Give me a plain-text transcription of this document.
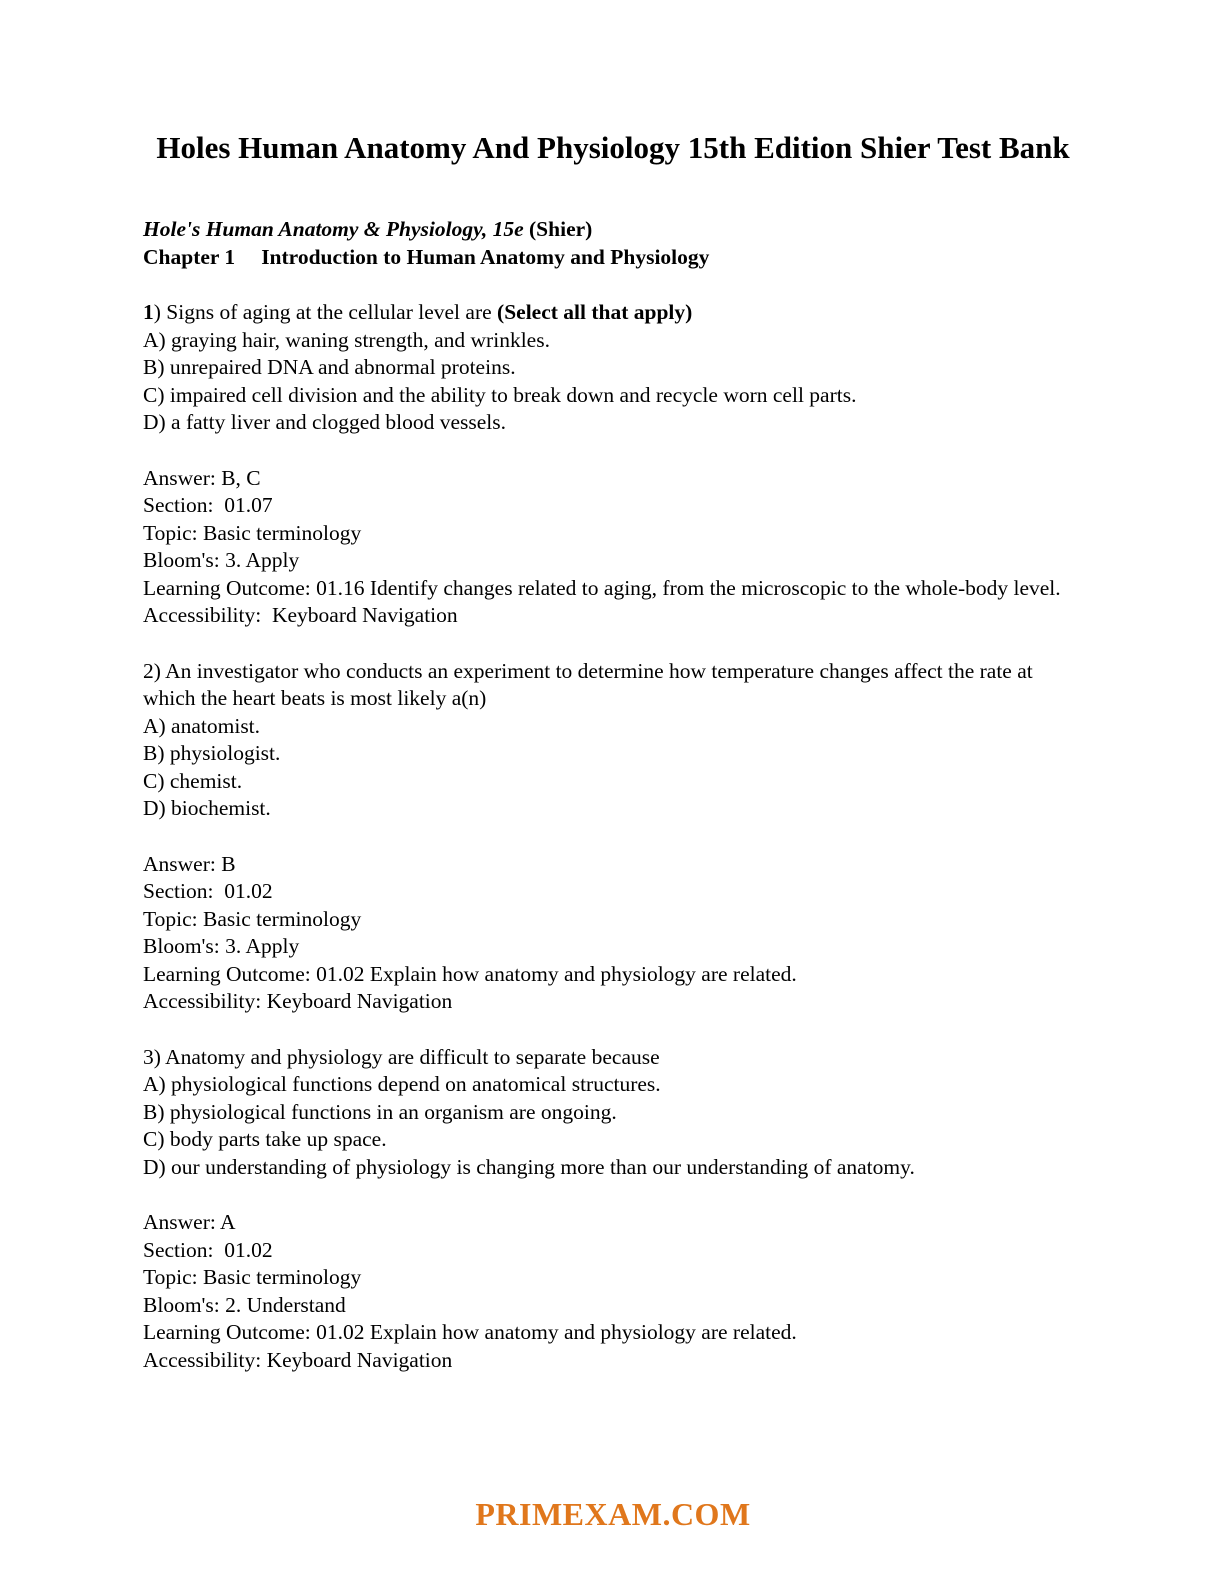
Holes Human Anatomy And Physiology 15th Edition Shier Test Bank
Hole's Human Anatomy & Physiology, 15e (Shier)
Chapter 1 Introduction to Human Anatomy and Physiology
1) Signs of aging at the cellular level are (Select all that apply)
A) graying hair, waning strength, and wrinkles.
B) unrepaired DNA and abnormal proteins.
C) impaired cell division and the ability to break down and recycle worn cell parts.
D) a fatty liver and clogged blood vessels.
Answer: B, C
Section:  01.07
Topic: Basic terminology
Bloom's: 3. Apply
Learning Outcome: 01.16 Identify changes related to aging, from the microscopic to the whole-body level.
Accessibility:  Keyboard Navigation
2) An investigator who conducts an experiment to determine how temperature changes affect the rate at which the heart beats is most likely a(n)
A) anatomist.
B) physiologist.
C) chemist.
D) biochemist.
Answer: B
Section:  01.02
Topic: Basic terminology
Bloom's: 3. Apply
Learning Outcome: 01.02 Explain how anatomy and physiology are related.
Accessibility: Keyboard Navigation
3) Anatomy and physiology are difficult to separate because
A) physiological functions depend on anatomical structures.
B) physiological functions in an organism are ongoing.
C) body parts take up space.
D) our understanding of physiology is changing more than our understanding of anatomy.
Answer: A
Section:  01.02
Topic: Basic terminology
Bloom's: 2. Understand
Learning Outcome: 01.02 Explain how anatomy and physiology are related.
Accessibility: Keyboard Navigation
PRIMEXAM.COM
